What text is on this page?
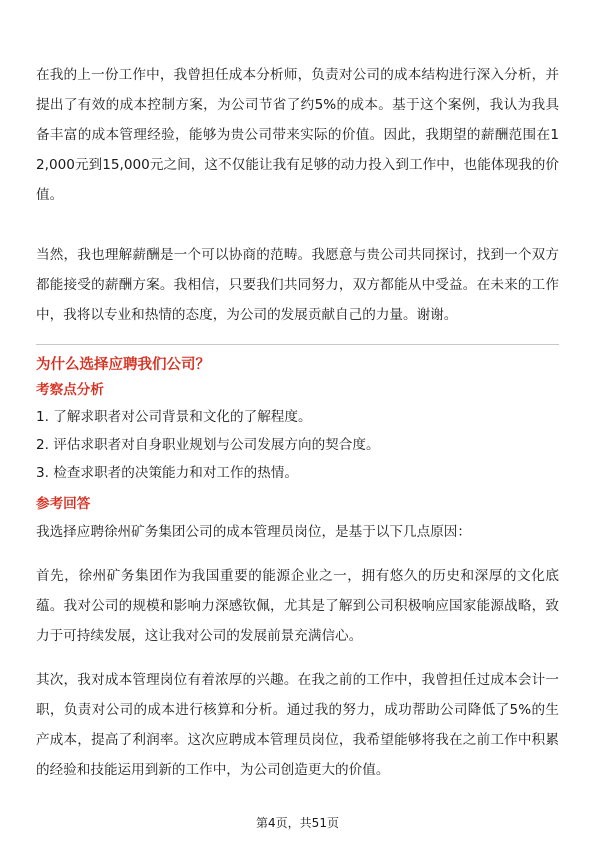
在我的上一份工作中，我曾担任成本分析师，负责对公司的成本结构进行深入分析，并提出了有效的成本控制方案，为公司节省了约5%的成本。基于这个案例，我认为我具备丰富的成本管理经验，能够为贵公司带来实际的价值。因此，我期望的薪酬范围在12,000元到15,000元之间，这不仅能让我有足够的动力投入到工作中，也能体现我的价值。

当然，我也理解薪酬是一个可以协商的范畴。我愿意与贵公司共同探讨，找到一个双方都能接受的薪酬方案。我相信，只要我们共同努力，双方都能从中受益。在未来的工作中，我将以专业和热情的态度，为公司的发展贡献自己的力量。谢谢。

为什么选择应聘我们公司？
考察点分析
1. 了解求职者对公司背景和文化的了解程度。
2. 评估求职者对自身职业规划与公司发展方向的契合度。
3. 检查求职者的决策能力和对工作的热情。
参考回答

我选择应聘徐州矿务集团公司的成本管理员岗位，是基于以下几点原因：

首先，徐州矿务集团作为我国重要的能源企业之一，拥有悠久的历史和深厚的文化底蕴。我对公司的规模和影响力深感钦佩，尤其是了解到公司积极响应国家能源战略，致力于可持续发展，这让我对公司的发展前景充满信心。

其次，我对成本管理岗位有着浓厚的兴趣。在我之前的工作中，我曾担任过成本会计一职，负责对公司的成本进行核算和分析。通过我的努力，成功帮助公司降低了5%的生产成本，提高了利润率。这次应聘成本管理员岗位，我希望能够将我在之前工作中积累的经验和技能运用到新的工作中，为公司创造更大的价值。

第4页，共51页
